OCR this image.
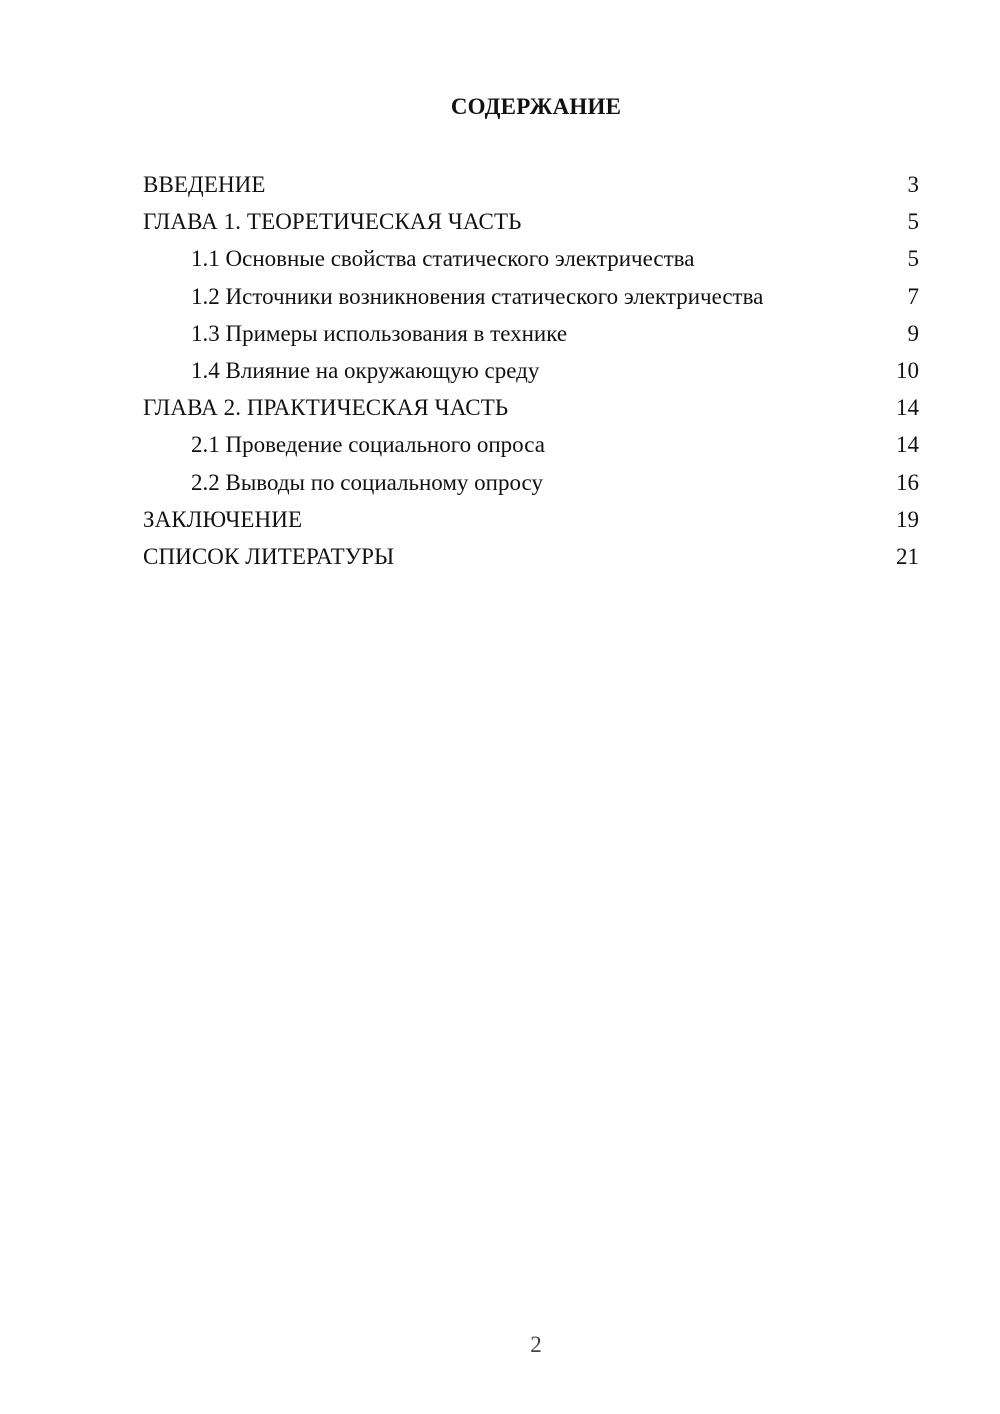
СОДЕРЖАНИЕ
ВВЕДЕНИЕ	3
ГЛАВА 1. ТЕОРЕТИЧЕСКАЯ ЧАСТЬ	5
1.1 Основные свойства статического электричества	5
1.2 Источники возникновения статического электричества	7
1.3 Примеры использования в технике	9
1.4 Влияние на окружающую среду	10
ГЛАВА 2. ПРАКТИЧЕСКАЯ ЧАСТЬ	14
2.1 Проведение социального опроса	14
2.2 Выводы по социальному опросу	16
ЗАКЛЮЧЕНИЕ	19
СПИСОК ЛИТЕРАТУРЫ	21
2
